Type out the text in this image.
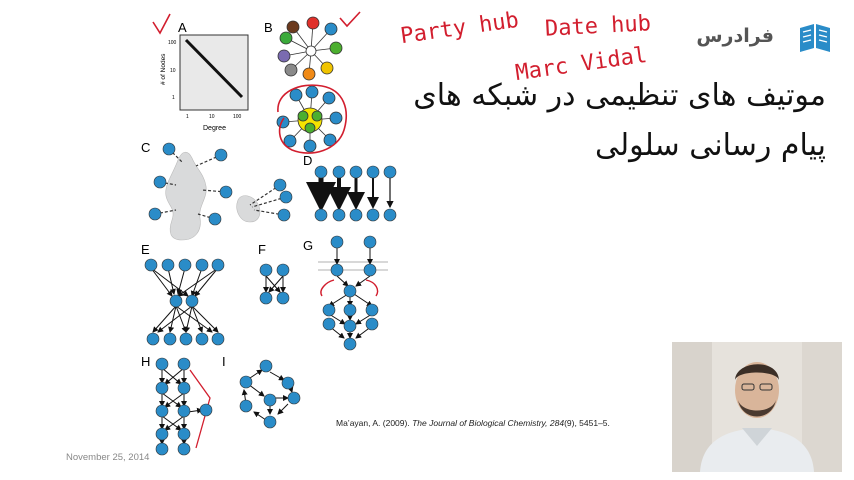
A	B
C
D
E	F	G
H	I
# of Nodes
100
10
1
1	10	100
Degree
Party hub Date hub
Marc Vidal
فرادرس
موتیف های تنظیمی در شبکه های
پیام رسانی سلولی
Ma’ayan, A. (2009). The Journal of Biological Chemistry, 284(9), 5451–5.
November 25, 2014
